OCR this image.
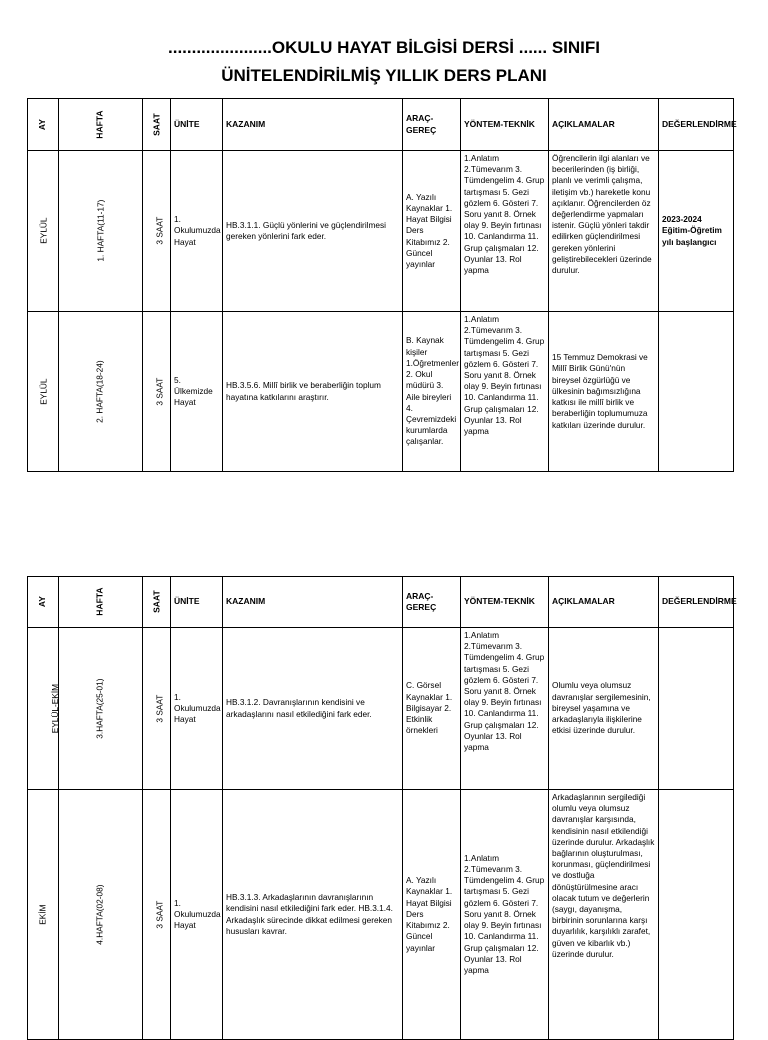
......................OKULU HAYAT BİLGİSİ DERSİ ...... SINIFI
ÜNİTELENDİRİLMİŞ YILLIK DERS PLANI
AY	HAFTA	SAAT	ÜNİTE	KAZANIM	ARAÇ-GEREÇ	YÖNTEM-TEKNİK	AÇIKLAMALAR	DEĞERLENDİRME
EYLÜL	1. HAFTA(11-17)	3 SAAT	1. Okulumuzda Hayat	HB.3.1.1. Güçlü yönlerini ve güçlendirilmesi gereken yönlerini fark eder.	A. Yazılı Kaynaklar 1. Hayat Bilgisi Ders Kitabımız 2. Güncel yayınlar	1.Anlatım 2.Tümevarım 3. Tümdengelim 4. Grup tartışması 5. Gezi gözlem 6. Gösteri 7. Soru yanıt 8. Örnek olay 9. Beyin fırtınası 10. Canlandırma 11. Grup çalışmaları 12. Oyunlar 13. Rol yapma	Öğrencilerin ilgi alanları ve becerilerinden (iş birliği, planlı ve verimli çalışma, iletişim vb.) hareketle konu açıklanır. Öğrencilerden öz değerlendirme yapmaları istenir. Güçlü yönleri takdir edilirken güçlendirilmesi gereken yönlerini geliştirebilecekleri üzerinde durulur.	2023-2024 Eğitim-Öğretim yılı başlangıcı
EYLÜL	2. HAFTA(18-24)	3 SAAT	5. Ülkemizde Hayat	HB.3.5.6. Millî birlik ve beraberliğin toplum hayatına katkılarını araştırır.	B. Kaynak kişiler 1.Öğretmenler 2. Okul müdürü 3. Aile bireyleri 4. Çevremizdeki kurumlarda çalışanlar.	1.Anlatım 2.Tümevarım 3. Tümdengelim 4. Grup tartışması 5. Gezi gözlem 6. Gösteri 7. Soru yanıt 8. Örnek olay 9. Beyin fırtınası 10. Canlandırma 11. Grup çalışmaları 12. Oyunlar 13. Rol yapma	15 Temmuz Demokrasi ve Millî Birlik Günü'nün bireysel özgürlüğü ve ülkesinin bağımsızlığına katkısı ile millî birlik ve beraberliğin toplumumuza katkıları üzerinde durulur.	
AY	HAFTA	SAAT	ÜNİTE	KAZANIM	ARAÇ-GEREÇ	YÖNTEM-TEKNİK	AÇIKLAMALAR	DEĞERLENDİRME
EYLÜL-EKİM	3.HAFTA(25-01)	3 SAAT	1. Okulumuzda Hayat	HB.3.1.2. Davranışlarının kendisini ve arkadaşlarını nasıl etkilediğini fark eder.	C. Görsel Kaynaklar 1. Bilgisayar 2. Etkinlik örnekleri	1.Anlatım 2.Tümevarım 3. Tümdengelim 4. Grup tartışması 5. Gezi gözlem 6. Gösteri 7. Soru yanıt 8. Örnek olay 9. Beyin fırtınası 10. Canlandırma 11. Grup çalışmaları 12. Oyunlar 13. Rol yapma	Olumlu veya olumsuz davranışlar sergilemesinin, bireysel yaşamına ve arkadaşlarıyla ilişkilerine etkisi üzerinde durulur.	
EKİM	4.HAFTA(02-08)	3 SAAT	1. Okulumuzda Hayat	HB.3.1.3. Arkadaşlarının davranışlarının kendisini nasıl etkilediğini fark eder. HB.3.1.4. Arkadaşlık sürecinde dikkat edilmesi gereken hususları kavrar.	A. Yazılı Kaynaklar 1. Hayat Bilgisi Ders Kitabımız 2. Güncel yayınlar	1.Anlatım 2.Tümevarım 3. Tümdengelim 4. Grup tartışması 5. Gezi gözlem 6. Gösteri 7. Soru yanıt 8. Örnek olay 9. Beyin fırtınası 10. Canlandırma 11. Grup çalışmaları 12. Oyunlar 13. Rol yapma	Arkadaşlarının sergilediği olumlu veya olumsuz davranışlar karşısında, kendisinin nasıl etkilendiği üzerinde durulur. Arkadaşlık bağlarının oluşturulması, korunması, güçlendirilmesi ve dostluğa dönüştürülmesine aracı olacak tutum ve değerlerin (saygı, dayanışma, birbirinin sorunlarına karşı duyarlılık, karşılıklı zarafet, güven ve kibarlık vb.) üzerinde durulur.	
